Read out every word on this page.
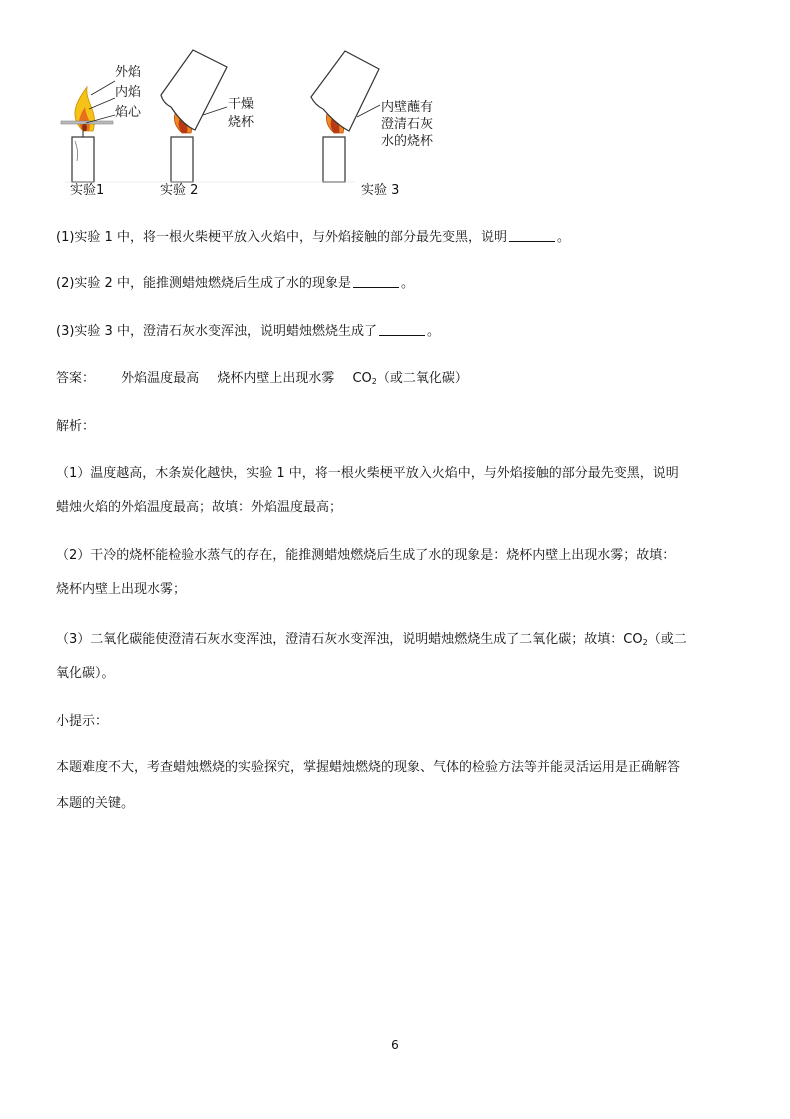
外焰
内焰
焰心
实验1
干燥
烧杯
实验 2
内壁蘸有
澄清石灰
水的烧杯
实验 3
(1)实验 1 中，将一根火柴梗平放入火焰中，与外焰接触的部分最先变黑，说明	。
(2)实验 2 中，能推测蜡烛燃烧后生成了水的现象是	。
(3)实验 3 中，澄清石灰水变浑浊，说明蜡烛燃烧生成了	。
答案： 外焰温度最高 烧杯内壁上出现水雾 $CO_2$（或二氧化碳）
解析：
（1）温度越高，木条炭化越快，实验 1 中，将一根火柴梗平放入火焰中，与外焰接触的部分最先变黑，说明
蜡烛火焰的外焰温度最高；故填：外焰温度最高；
（2）干冷的烧杯能检验水蒸气的存在，能推测蜡烛燃烧后生成了水的现象是：烧杯内壁上出现水雾；故填：
烧杯内壁上出现水雾；
（3）二氧化碳能使澄清石灰水变浑浊，澄清石灰水变浑浊，说明蜡烛燃烧生成了二氧化碳；故填：$CO_2$（或二
氧化碳）。
小提示：
本题难度不大，考查蜡烛燃烧的实验探究，掌握蜡烛燃烧的现象、气体的检验方法等并能灵活运用是正确解答
本题的关键。
6
